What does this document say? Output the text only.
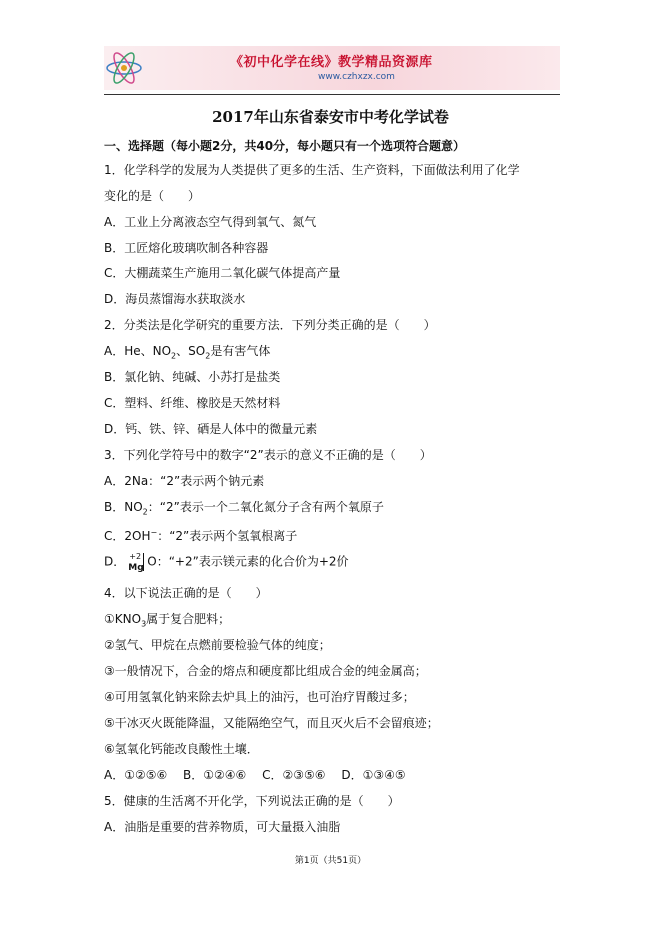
《初中化学在线》教学精品资源库
www.czhxzx.com
2017年山东省泰安市中考化学试卷
一、选择题（每小题2分，共40分，每小题只有一个选项符合题意）
1．化学科学的发展为人类提供了更多的生活、生产资料，下面做法利用了化学
变化的是（　　）
A．工业上分离液态空气得到氧气、氮气
B．工匠熔化玻璃吹制各种容器
C．大棚蔬菜生产施用二氧化碳气体提高产量
D．海员蒸馏海水获取淡水
2．分类法是化学研究的重要方法．下列分类正确的是（　　）
A．He、$NO_2$、$SO_2$是有害气体
B．氯化钠、纯碱、小苏打是盐类
C．塑料、纤维、橡胶是天然材料
D．钙、铁、锌、硒是人体中的微量元素
3．下列化学符号中的数字“2”表示的意义不正确的是（　　）
A．2Na：“2”表示两个钠元素
B．$NO_2$：“2”表示一个二氧化氮分子含有两个氧原子
C．2OH−：“2”表示两个氢氧根离子
D． +2
Mg O：“+2”表示镁元素的化合价为+2价
4．以下说法正确的是（　　）
$①KNO_3$属于复合肥料；
②氢气、甲烷在点燃前要检验气体的纯度；
③一般情况下，合金的熔点和硬度都比组成合金的纯金属高；
④可用氢氧化钠来除去炉具上的油污，也可治疗胃酸过多；
⑤干冰灭火既能降温，又能隔绝空气，而且灭火后不会留痕迹；
⑥氢氧化钙能改良酸性土壤．
A．①②⑤⑥　 B．①②④⑥　 C．②③⑤⑥　 D．①③④⑤
5．健康的生活离不开化学，下列说法正确的是（　　）
A．油脂是重要的营养物质，可大量摄入油脂
第1页（共51页）
